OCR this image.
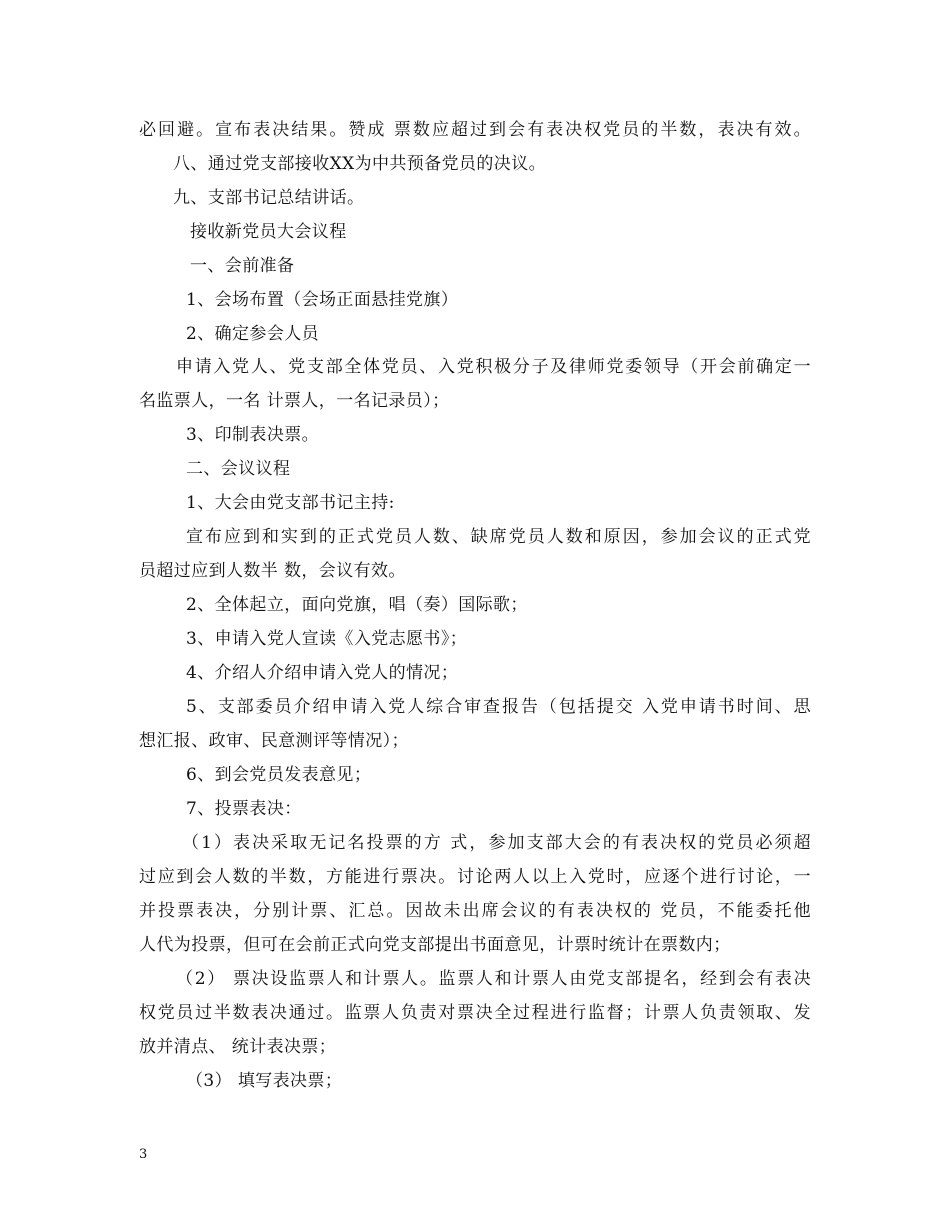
必回避。宣布表决结果。赞成 票数应超过到会有表决权党员的半数，表决有效。
八、通过党支部接收XX为中共预备党员的决议。
九、支部书记总结讲话。
接收新党员大会议程
一、会前准备
1、会场布置（会场正面悬挂党旗）
2、确定参会人员
申请入党人、党支部全体党员、入党积极分子及律师党委领导（开会前确定一
名监票人，一名 计票人，一名记录员）；
3、印制表决票。
二、会议议程
1、大会由党支部书记主持:
宣布应到和实到的正式党员人数、缺席党员人数和原因，参加会议的正式党
员超过应到人数半 数，会议有效。
2、全体起立，面向党旗，唱（奏）国际歌；
3、申请入党人宣读《入党志愿书》；
4、介绍人介绍申请入党人的情况；
5、支部委员介绍申请入党人综合审查报告（包括提交 入党申请书时间、思
想汇报、政审、民意测评等情况）；
6、到会党员发表意见；
7、投票表决：
（1）表决采取无记名投票的方 式，参加支部大会的有表决权的党员必须超
过应到会人数的半数，方能进行票决。讨论两人以上入党时，应逐个进行讨论，一
并投票表决，分别计票、汇总。因故未出席会议的有表决权的 党员，不能委托他
人代为投票，但可在会前正式向党支部提出书面意见，计票时统计在票数内；
（2） 票决设监票人和计票人。监票人和计票人由党支部提名，经到会有表决
权党员过半数表决通过。监票人负责对票决全过程进行监督；计票人负责领取、发
放并清点、 统计表决票；
（3） 填写表决票；
3
